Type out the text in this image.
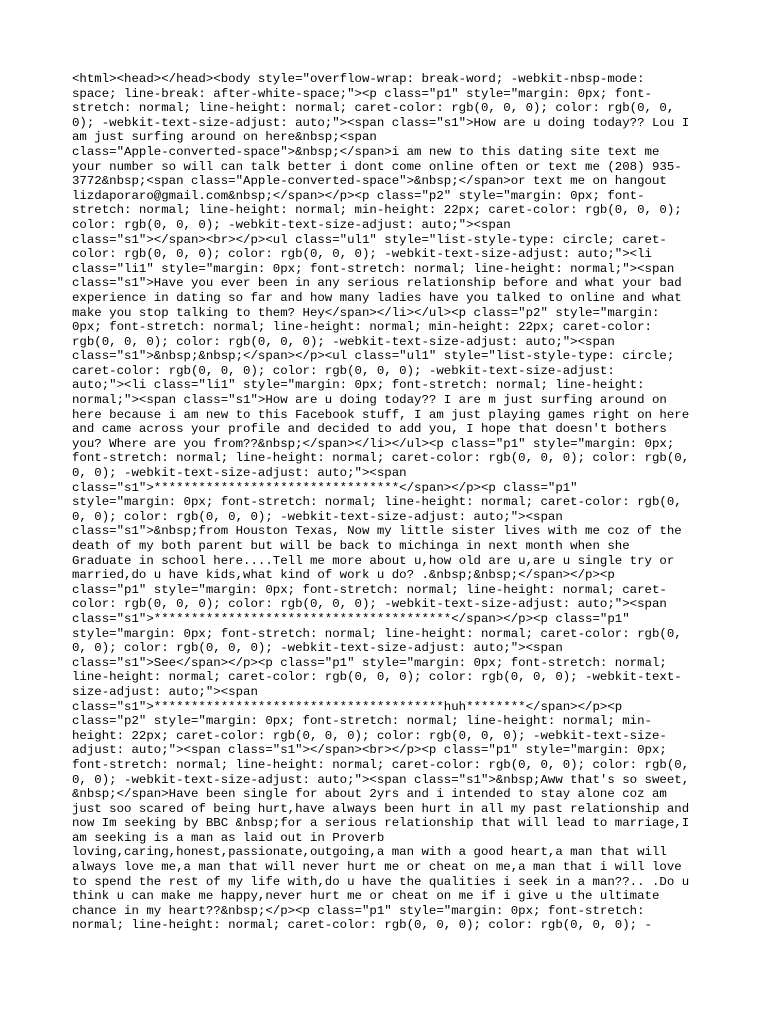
<html><head></head><body style="overflow-wrap: break-word; -webkit-nbsp-mode:
space; line-break: after-white-space;"><p class="p1" style="margin: 0px; font-
stretch: normal; line-height: normal; caret-color: rgb(0, 0, 0); color: rgb(0, 0,
0); -webkit-text-size-adjust: auto;"><span class="s1">How are u doing today?? Lou I
am just surfing around on here&nbsp;<span
class="Apple-converted-space">&nbsp;</span>i am new to this dating site text me
your number so will can talk better i dont come online often or text me (208) 935-
3772&nbsp;<span class="Apple-converted-space">&nbsp;</span>or text me on hangout
lizdaporaro@gmail.com&nbsp;</span></p><p class="p2" style="margin: 0px; font-
stretch: normal; line-height: normal; min-height: 22px; caret-color: rgb(0, 0, 0);
color: rgb(0, 0, 0); -webkit-text-size-adjust: auto;"><span
class="s1"></span><br></p><ul class="ul1" style="list-style-type: circle; caret-
color: rgb(0, 0, 0); color: rgb(0, 0, 0); -webkit-text-size-adjust: auto;"><li
class="li1" style="margin: 0px; font-stretch: normal; line-height: normal;"><span
class="s1">Have you ever been in any serious relationship before and what your bad
experience in dating so far and how many ladies have you talked to online and what
make you stop talking to them? Hey</span></li></ul><p class="p2" style="margin:
0px; font-stretch: normal; line-height: normal; min-height: 22px; caret-color:
rgb(0, 0, 0); color: rgb(0, 0, 0); -webkit-text-size-adjust: auto;"><span
class="s1">&nbsp;&nbsp;</span></p><ul class="ul1" style="list-style-type: circle;
caret-color: rgb(0, 0, 0); color: rgb(0, 0, 0); -webkit-text-size-adjust:
auto;"><li class="li1" style="margin: 0px; font-stretch: normal; line-height:
normal;"><span class="s1">How are u doing today?? I are m just surfing around on
here because i am new to this Facebook stuff, I am just playing games right on here
and came across your profile and decided to add you, I hope that doesn't bothers
you? Where are you from??&nbsp;</span></li></ul><p class="p1" style="margin: 0px;
font-stretch: normal; line-height: normal; caret-color: rgb(0, 0, 0); color: rgb(0,
0, 0); -webkit-text-size-adjust: auto;"><span
class="s1">*********************************</span></p><p class="p1"
style="margin: 0px; font-stretch: normal; line-height: normal; caret-color: rgb(0,
0, 0); color: rgb(0, 0, 0); -webkit-text-size-adjust: auto;"><span
class="s1">&nbsp;from Houston Texas, Now my little sister lives with me coz of the
death of my both parent but will be back to michinga in next month when she
Graduate in school here....Tell me more about u,how old are u,are u single try or
married,do u have kids,what kind of work u do? .&nbsp;&nbsp;</span></p><p
class="p1" style="margin: 0px; font-stretch: normal; line-height: normal; caret-
color: rgb(0, 0, 0); color: rgb(0, 0, 0); -webkit-text-size-adjust: auto;"><span
class="s1">****************************************</span></p><p class="p1"
style="margin: 0px; font-stretch: normal; line-height: normal; caret-color: rgb(0,
0, 0); color: rgb(0, 0, 0); -webkit-text-size-adjust: auto;"><span
class="s1">See</span></p><p class="p1" style="margin: 0px; font-stretch: normal;
line-height: normal; caret-color: rgb(0, 0, 0); color: rgb(0, 0, 0); -webkit-text-
size-adjust: auto;"><span
class="s1">***************************************huh********</span></p><p
class="p2" style="margin: 0px; font-stretch: normal; line-height: normal; min-
height: 22px; caret-color: rgb(0, 0, 0); color: rgb(0, 0, 0); -webkit-text-size-
adjust: auto;"><span class="s1"></span><br></p><p class="p1" style="margin: 0px;
font-stretch: normal; line-height: normal; caret-color: rgb(0, 0, 0); color: rgb(0,
0, 0); -webkit-text-size-adjust: auto;"><span class="s1">&nbsp;Aww that's so sweet,
&nbsp;</span>Have been single for about 2yrs and i intended to stay alone coz am
just soo scared of being hurt,have always been hurt in all my past relationship and
now Im seeking by BBC &nbsp;for a serious relationship that will lead to marriage,I
am seeking is a man as laid out in Proverb
loving,caring,honest,passionate,outgoing,a man with a good heart,a man that will
always love me,a man that will never hurt me or cheat on me,a man that i will love
to spend the rest of my life with,do u have the qualities i seek in a man??.. .Do u
think u can make me happy,never hurt me or cheat on me if i give u the ultimate
chance in my heart??&nbsp;</p><p class="p1" style="margin: 0px; font-stretch:
normal; line-height: normal; caret-color: rgb(0, 0, 0); color: rgb(0, 0, 0); -
